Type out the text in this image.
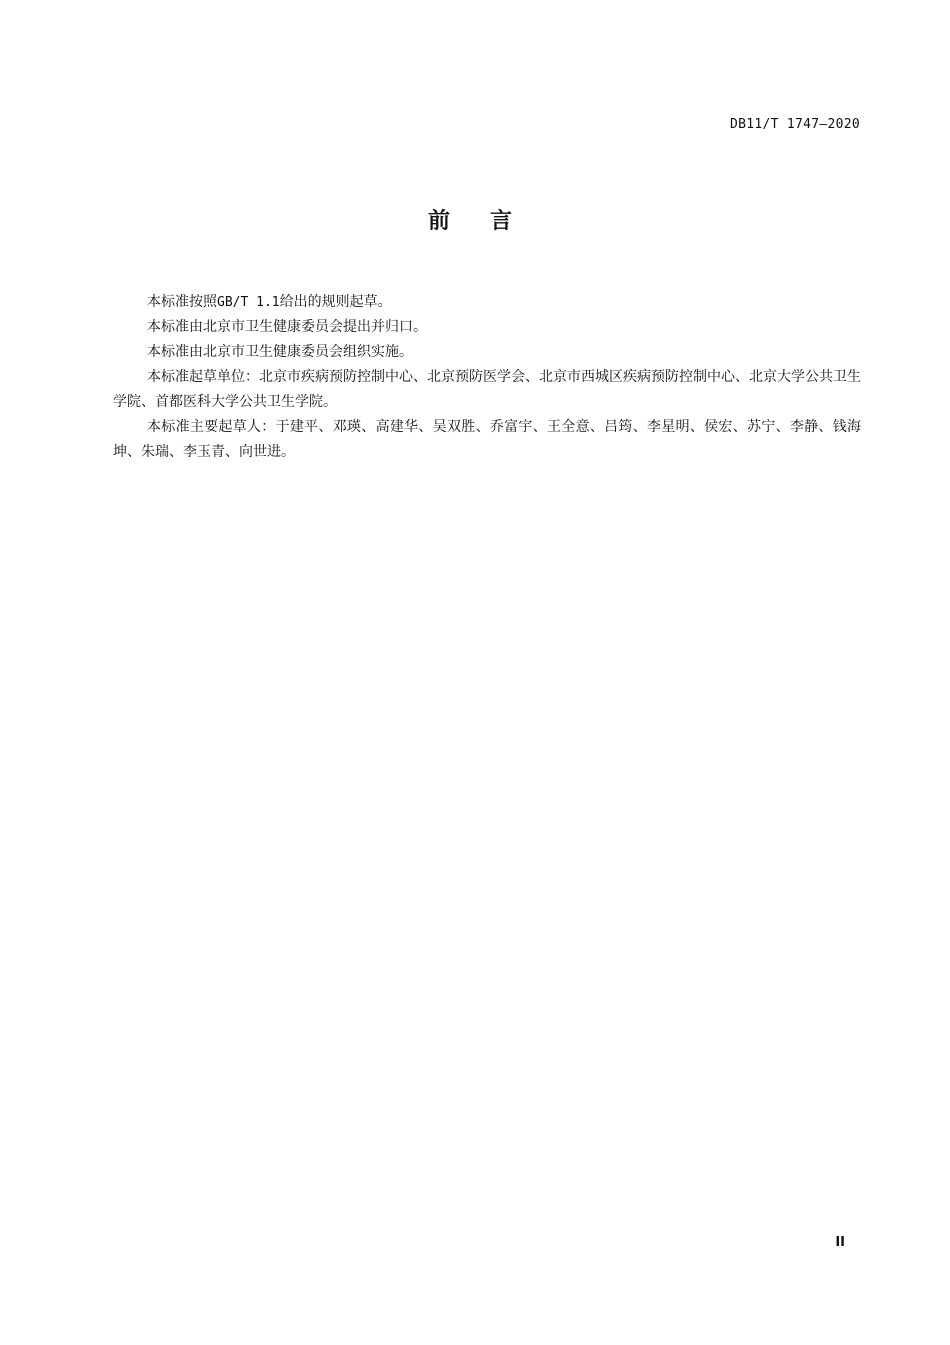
DB11/T 1747—2020
前言

本标准按照GB/T 1.1给出的规则起草。

本标准由北京市卫生健康委员会提出并归口。

本标准由北京市卫生健康委员会组织实施。

本标准起草单位：北京市疾病预防控制中心、北京预防医学会、北京市西城区疾病预防控制中心、北京大学公共卫生学院、首都医科大学公共卫生学院。

本标准主要起草人：于建平、邓瑛、高建华、吴双胜、乔富宇、王全意、吕筠、李星明、侯宏、苏宁、李静、钱海坤、朱瑞、李玉青、向世进。

II
